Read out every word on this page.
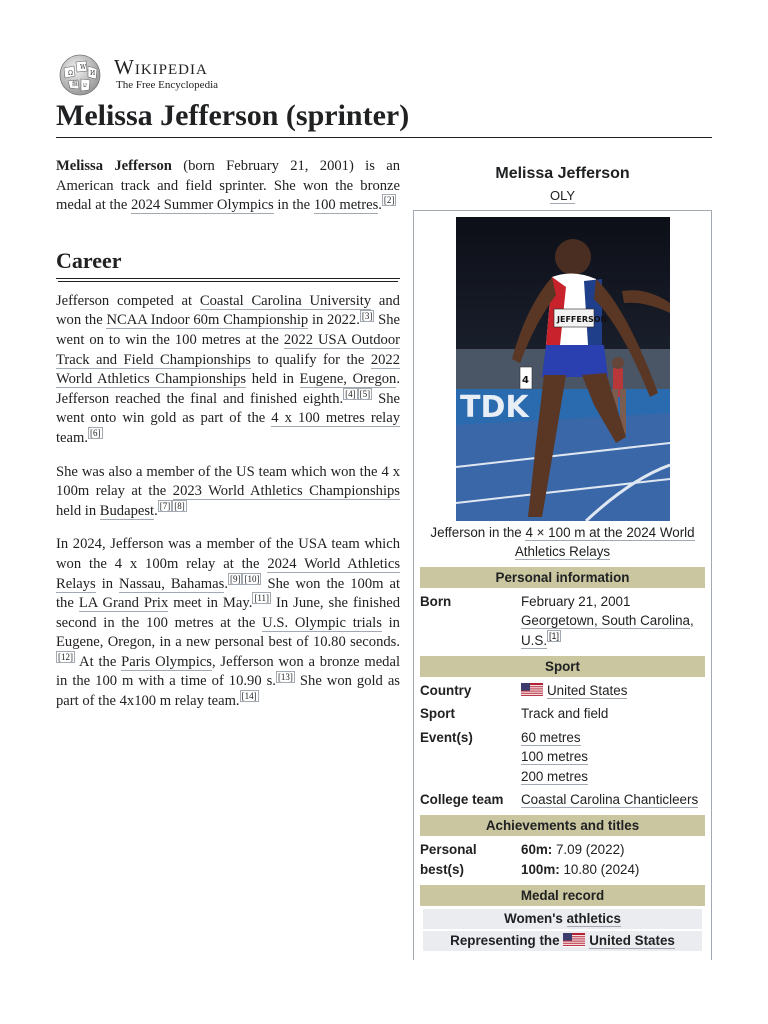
Ω
W
И
維 ש
Wikipedia
The Free Encyclopedia
Melissa Jefferson (sprinter)

Melissa Jefferson (born February 21, 2001) is an American track and field sprinter. She won the bronze medal at the 2024 Summer Olympics in the 100 metres. [2]

Career

Jefferson competed at Coastal Carolina University and won the NCAA Indoor 60m Championship in 2022. [3] She went on to win the 100 metres at the 2022 USA Outdoor Track and Field Championships to qualify for the 2022 World Athletics Championships held in Eugene, Oregon. Jefferson reached the final and finished eighth. [4] [5] She went onto win gold as part of the 4 x 100 metres relay team. [6]

She was also a member of the US team which won the 4 x 100m relay at the 2023 World Athletics Championships held in Budapest. [7] [8]

In 2024, Jefferson was a member of the USA team which won the 4 x 100m relay at the 2024 World Athletics Relays in Nassau, Bahamas. [9] [10] She won the 100m at the LA Grand Prix meet in May. [11] In June, she finished second in the 100 metres at the U.S. Olympic trials in Eugene, Oregon, in a new personal best of 10.80 seconds.[12] At the Paris Olympics, Jefferson won a bronze medal in the 100 m with a time of 10.90 s. [13] She won gold as part of the 4x100 m relay team. [14]

Melissa Jefferson
OLY
TDK
JEFFERSON
4
Jefferson in the 4 × 100 m at the 2024 World Athletics Relays
Personal information
Born	February 21, 2001
Georgetown, South Carolina, U.S. [1]
Sport
Country	United States
Sport	Track and field
Event(s)	60 metres
100 metres
200 metres
College team	Coastal Carolina Chanticleers
Achievements and titles
Personal best(s)
60m: 7.09 (2022)
100m: 10.80 (2024)
Medal record
Women's athletics
Representing the United States
